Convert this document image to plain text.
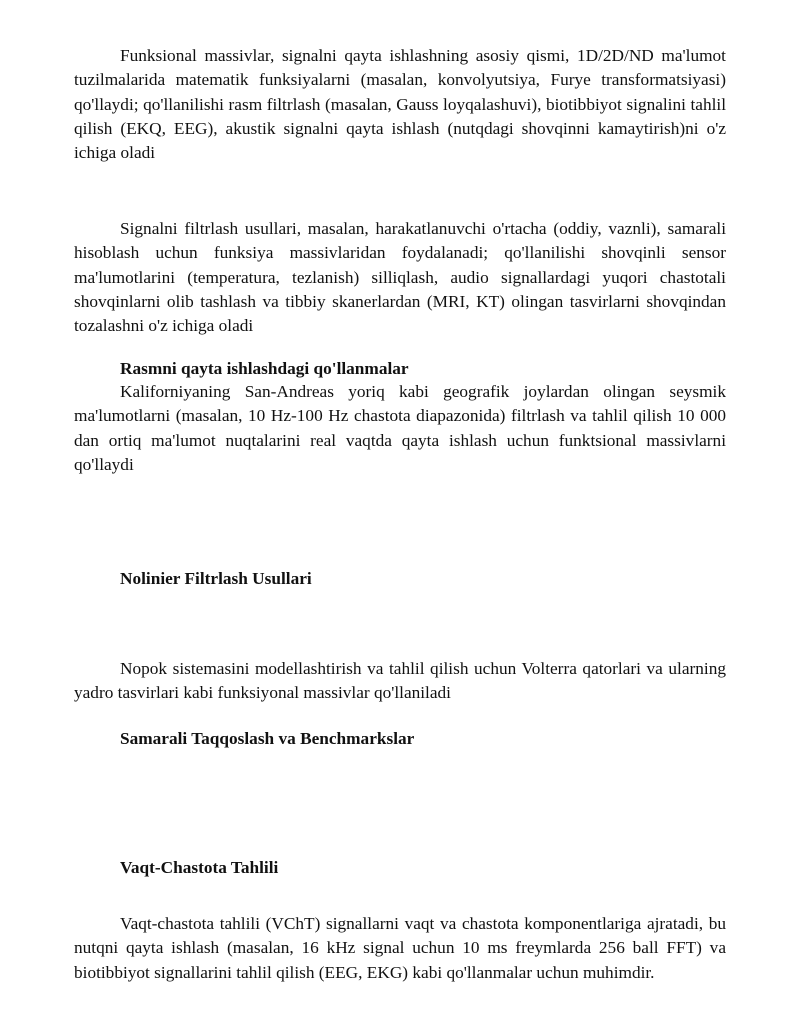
Funksional massivlar, signalni qayta ishlashning asosiy qismi, 1D/2D/ND ma'lumot tuzilmalarida matematik funksiyalarni (masalan, konvolyutsiya, Furye transformatsiyasi) qo'llaydi; qo'llanilishi rasm filtrlash (masalan, Gauss loyqalashuvi), biotibbiyot signalini tahlil qilish (EKQ, EEG), akustik signalni qayta ishlash (nutqdagi shovqinni kamaytirish)ni o'z ichiga oladi

Signalni filtrlash usullari, masalan, harakatlanuvchi o'rtacha (oddiy, vaznli), samarali hisoblash uchun funksiya massivlaridan foydalanadi; qo'llanilishi shovqinli sensor ma'lumotlarini (temperatura, tezlanish) silliqlash, audio signallardagi yuqori chastotali shovqinlarni olib tashlash va tibbiy skanerlardan (MRI, KT) olingan tasvirlarni shovqindan tozalashni o'z ichiga oladi

Rasmni qayta ishlashdagi qo'llanmalar

Kaliforniyaning San-Andreas yoriq kabi geografik joylardan olingan seysmik ma'lumotlarni (masalan, 10 Hz-100 Hz chastota diapazonida) filtrlash va tahlil qilish 10 000 dan ortiq ma'lumot nuqtalarini real vaqtda qayta ishlash uchun funktsional massivlarni qo'llaydi

Nolinier Filtrlash Usullari

Nopok sistemasini modellashtirish va tahlil qilish uchun Volterra qatorlari va ularning yadro tasvirlari kabi funksiyonal massivlar qo'llaniladi

Samarali Taqqoslash va Benchmarkslar
Vaqt-Chastota Tahlili

Vaqt-chastota tahlili (VChT) signallarni vaqt va chastota komponentlariga ajratadi, bu nutqni qayta ishlash (masalan, 16 kHz signal uchun 10 ms freymlarda 256 ball FFT) va biotibbiyot signallarini tahlil qilish (EEG, EKG) kabi qo'llanmalar uchun muhimdir.
